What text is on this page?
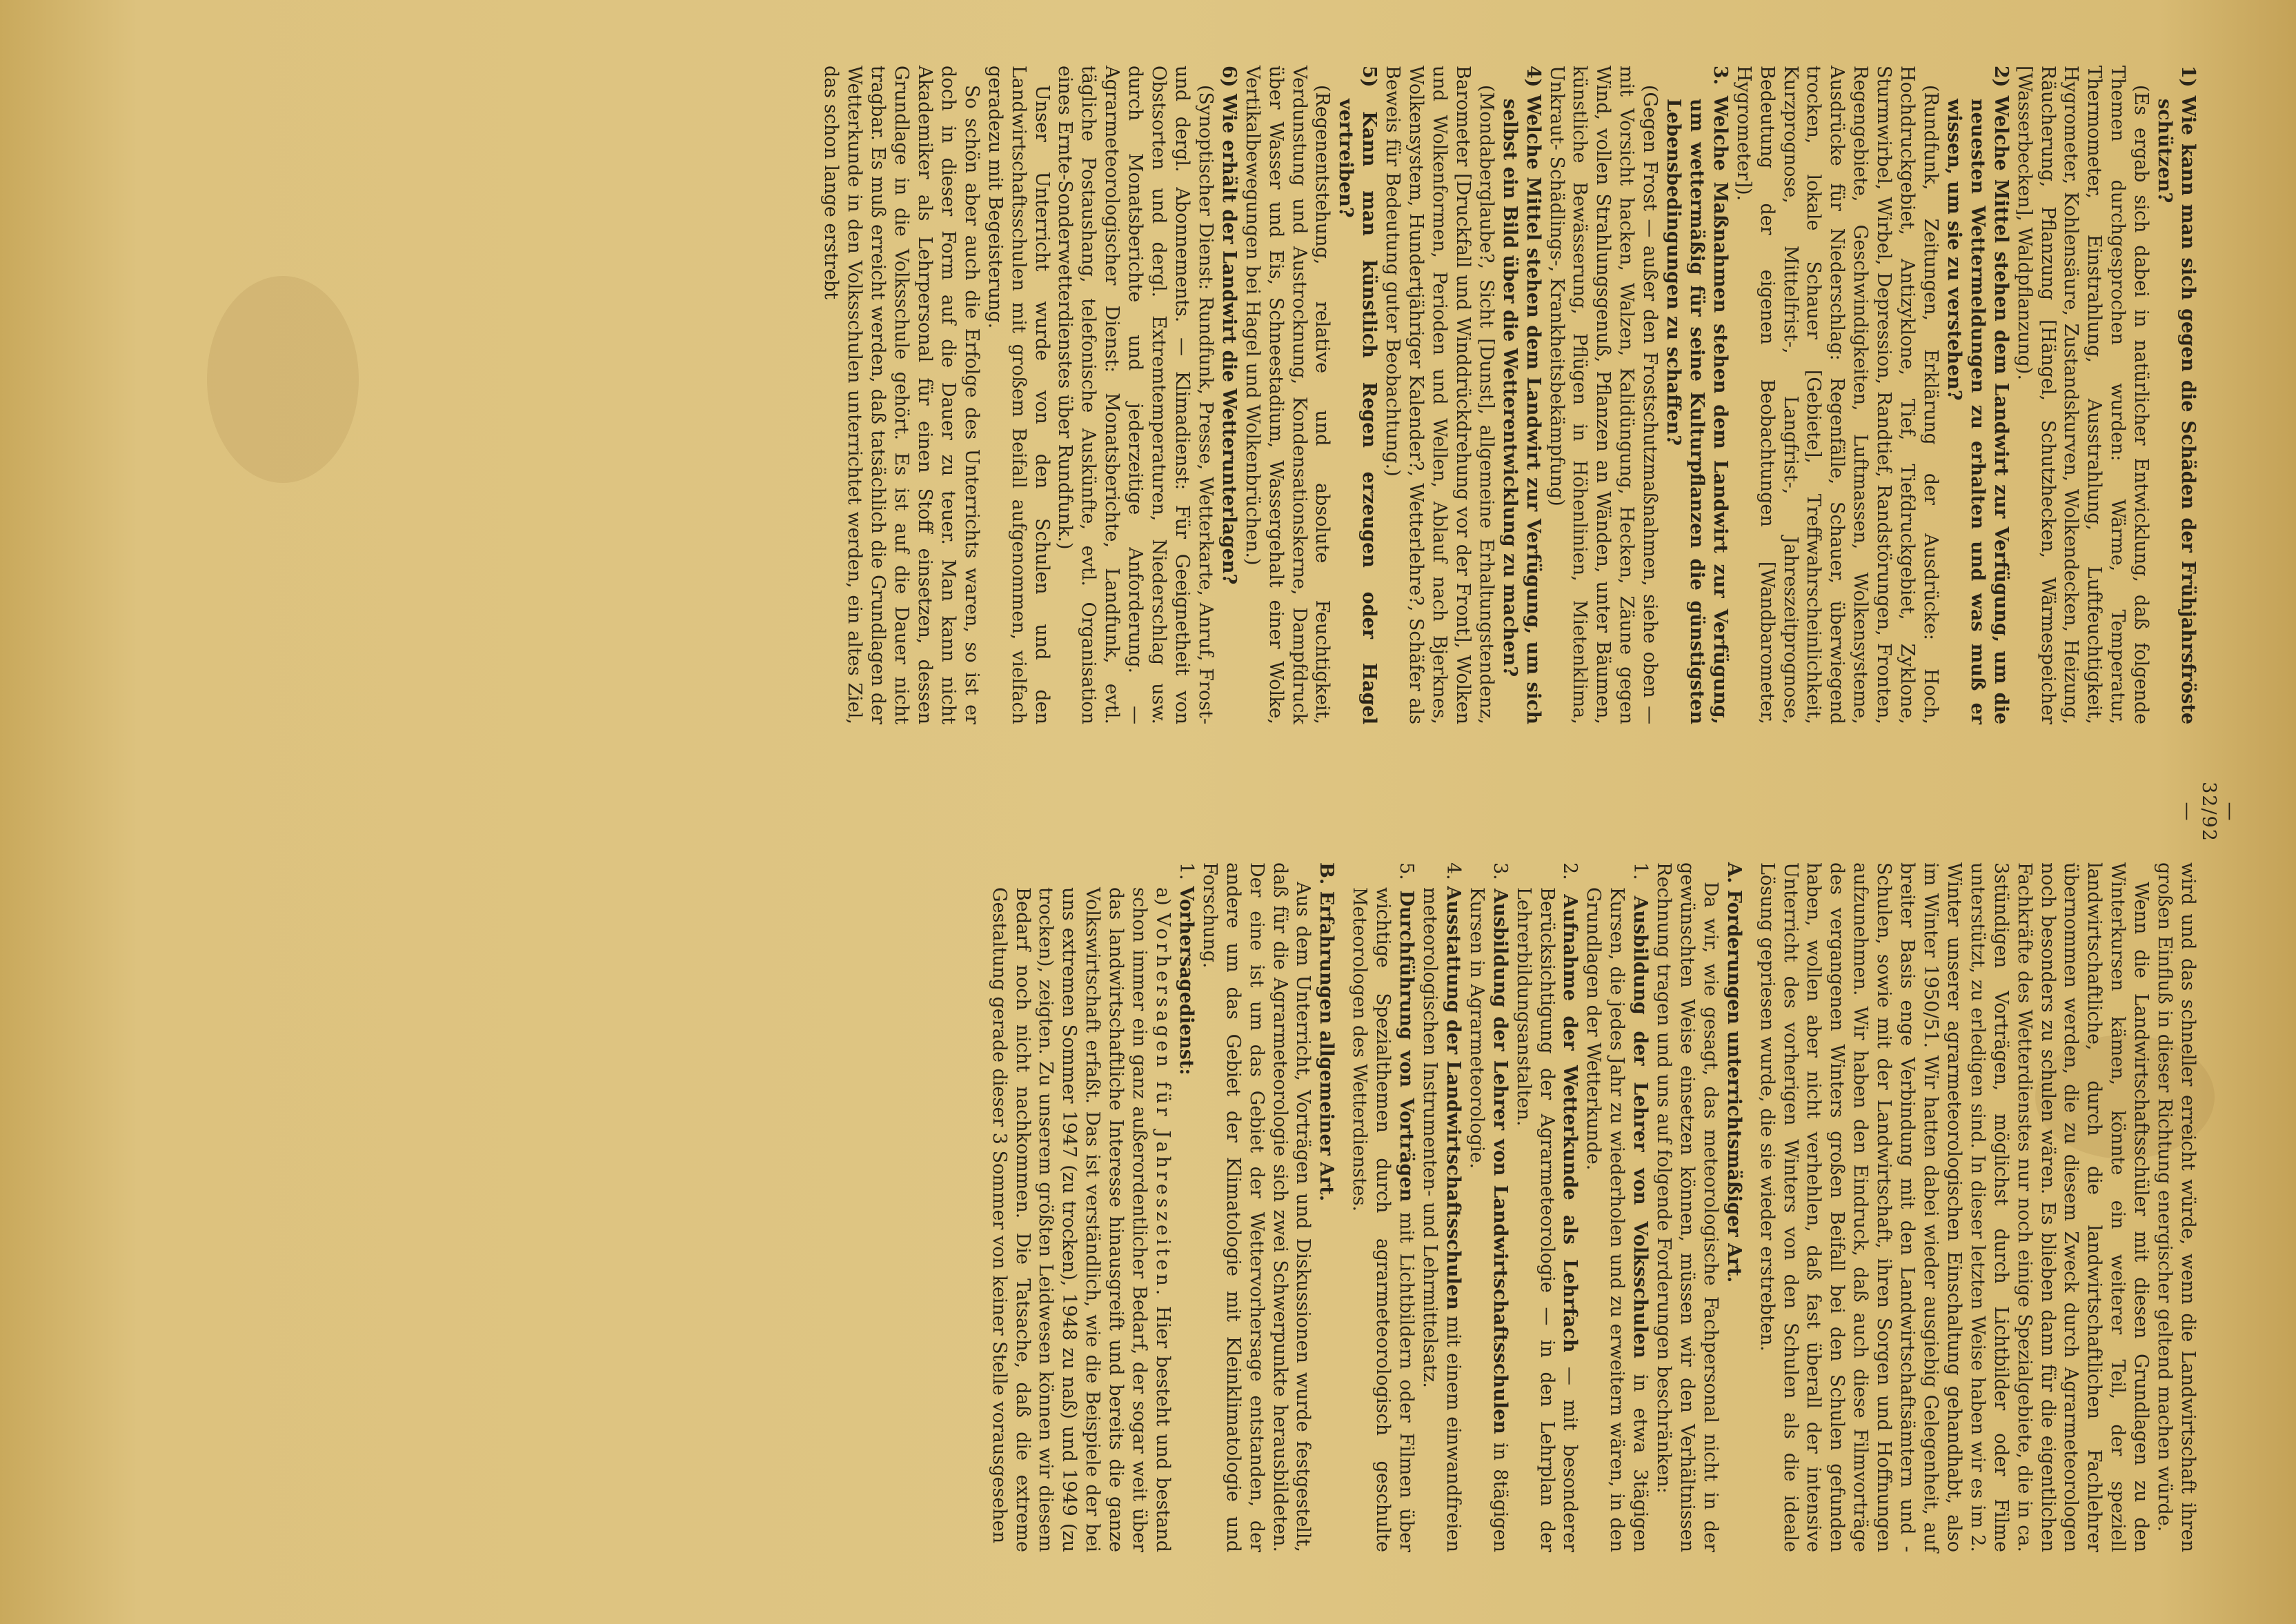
— 32/92 —

1) Wie kann man sich gegen die Schäden der Frühjahrsfröste schützen?

(Es ergab sich dabei in natürlicher Entwicklung, daß folgende Themen durchgesprochen wurden: Wärme, Temperatur, Thermometer, Einstrahlung, Ausstrahlung, Luftfeuchtigkeit, Hygrometer, Kohlensäure, Zustandskurven, Wolkendecken, Heizung, Räucherung, Pflanzung [Hängel, Schutzhecken, Wärmespeicher [Wasserbecken], Waldpflanzung).

2) Welche Mittel stehen dem Landwirt zur Verfügung, um die neuesten Wettermeldungen zu erhalten und was muß er wissen, um sie zu verstehen?

(Rundfunk, Zeitungen, Erklärung der Ausdrücke: Hoch, Hochdruckgebiet, Antizyklone, Tief, Tiefdruckgebiet, Zyklone, Sturmwirbel, Wirbel, Depression, Randtief, Randstörungen, Fronten, Regengebiete, Geschwindigkeiten, Luftmassen, Wolkensysteme, Ausdrücke für Niederschlag: Regenfälle, Schauer, überwiegend trocken, lokale Schauer [Gebiete], Treffwahrscheinlichkeit, Kurzprognose, Mittelfrist-, Langfrist-, Jahreszeitprognose, Bedeutung der eigenen Beobachtungen [Wandbarometer, Hygrometer]).

3. Welche Maßnahmen stehen dem Landwirt zur Verfügung, um wettermäßig für seine Kulturpflanzen die günstigsten Lebensbedingungen zu schaffen?

(Gegen Frost — außer den Frostschutzmaßnahmen, siehe oben — mit Vorsicht hacken, Walzen, Kalidüngung, Hecken, Zäune gegen Wind, vollen Strahlungsgenuß, Pflanzen an Wänden, unter Bäumen, künstliche Bewässerung, Pflügen in Höhenlinien, Mietenklima, Unkraut- Schädlings-, Krankheitsbekämpfung)

4) Welche Mittel stehen dem Landwirt zur Verfügung, um sich selbst ein Bild über die Wetterentwicklung zu machen?

(Mondaberglaube?, Sicht [Dunst], allgemeine Erhaltungstendenz, Barometer [Druckfall und Winddrückdrehung vor der Front], Wolken und Wolkenformen, Perioden und Wellen, Ablauf nach Bjerknes, Wolkensystem, Hundertjähriger Kalender?, Wetterlehre?, Schäfer als Beweis für Bedeutung guter Beobachtung.)

5) Kann man künstlich Regen erzeugen oder Hagel vertreiben?

(Regenentstehung, relative und absolute Feuchtigkeit, Verdunstung und Austrocknung, Kondensationskerne, Dampfdruck über Wasser und Eis, Schneestadium, Wassergehalt einer Wolke, Vertikalbewegungen bei Hagel und Wolkenbrüchen.)

6) Wie erhält der Landwirt die Wetterunterlagen?

(Synoptischer Dienst: Rundfunk, Presse, Wetterkarte, Anruf, Frost- und dergl. Abonnements. — Klimadienst: Für Geeignetheit von Obstsorten und dergl. Extremtemperaturen, Niederschlag usw. durch Monatsberichte und jederzeitige Anforderung. — Agrarmeteorologischer Dienst: Monatsberichte, Landfunk, evtl. tägliche Postaushang, telefonische Auskünfte, evtl. Organisation eines Ernte-Sonderwetterdienstes über Rundfunk.)

Unser Unterricht wurde von den Schulen und den Landwirtschaftsschulen mit großem Beifall aufgenommen, vielfach geradezu mit Begeisterung.

So schön aber auch die Erfolge des Unterrichts waren, so ist er doch in dieser Form auf die Dauer zu teuer. Man kann nicht Akademiker als Lehrpersonal für einen Stoff einsetzen, dessen Grundlage in die Volksschule gehört. Es ist auf die Dauer nicht tragbar. Es muß erreicht werden, daß tatsächlich die Grundlagen der Wetterkunde in den Volksschulen unterrichtet werden, ein altes Ziel, das schon lange erstrebt

wird und das schneller erreicht würde, wenn die Landwirtschaft ihren großen Einfluß in dieser Richtung energischer geltend machen würde.

Wenn die Landwirtschaftsschüler mit diesen Grundlagen zu den Winterkursen kämen, könnte ein weiterer Teil, der speziell landwirtschaftliche, durch die landwirtschaftlichen Fachlehrer übernommen werden, die zu diesem Zweck durch Agrarmeteorologen noch besonders zu schulen wären. Es blieben dann für die eigentlichen Fachkräfte des Wetterdienstes nur noch einige Spezialgebiete, die in ca. 3stündigen Vorträgen, möglichst durch Lichtbilder oder Filme unterstützt, zu erledigen sind. In dieser letzten Weise haben wir es im 2. Winter unserer agrarmeteorologischen Einschaltung gehandhabt, also im Winter 1950/51. Wir hatten dabei wieder ausgiebig Gelegenheit, auf breiter Basis enge Verbindung mit den Landwirtschaftsämtern und -Schulen, sowie mit der Landwirtschaft, ihren Sorgen und Hoffnungen aufzunehmen. Wir haben den Eindruck, daß auch diese Filmvorträge des vergangenen Winters großen Beifall bei den Schulen gefunden haben, wollen aber nicht verhehlen, daß fast überall der intensive Unterricht des vorherigen Winters von den Schulen als die ideale Lösung gepriesen wurde, die sie wieder erstrebten.

A. Forderungen unterrichtsmäßiger Art.

Da wir, wie gesagt, das meteorologische Fachpersonal nicht in der gewünschten Weise einsetzen können, müssen wir den Verhältnissen Rechnung tragen und uns auf folgende Forderungen beschränken:

1. Ausbildung der Lehrer von Volksschulen in etwa 3tägigen Kursen, die jedes Jahr zu wiederholen und zu erweitern wären, in den Grundlagen der Wetterkunde.

2. Aufnahme der Wetterkunde als Lehrfach — mit besonderer Berücksichtigung der Agrarmeteorologie — in den Lehrplan der Lehrerbildungsanstalten.

3. Ausbildung der Lehrer von Landwirtschaftsschulen in 8tägigen Kursen in Agrarmeteorologie.

4. Ausstattung der Landwirtschaftsschulen mit einem einwandfreien meteorologischen Instrumenten- und Lehrmittelsatz.

5. Durchführung von Vorträgen mit Lichtbildern oder Filmen über wichtige Spezialthemen durch agrarmeteorologisch geschulte Meteorologen des Wetterdienstes.

B. Erfahrungen allgemeiner Art.

Aus dem Unterricht, Vorträgen und Diskussionen wurde festgestellt, daß für die Agrarmeteorologie sich zwei Schwerpunkte herausbildeten. Der eine ist um das Gebiet der Wettervorhersage entstanden, der andere um das Gebiet der Klimatologie mit Kleinklimatologie und Forschung.

1. Vorhersagedienst:

a) Vorhersagen für Jahreszeiten. Hier besteht und bestand schon immer ein ganz außerordentlicher Bedarf, der sogar weit über das landwirtschaftliche Interesse hinausgreift und bereits die ganze Volkswirtschaft erfaßt. Das ist verständlich, wie die Beispiele der bei uns extremen Sommer 1947 (zu trocken), 1948 zu naß) und 1949 (zu trocken), zeigten. Zu unserem größten Leidwesen können wir diesem Bedarf noch nicht nachkommen. Die Tatsache, daß die extreme Gestaltung gerade dieser 3 Sommer von keiner Stelle vorausgesehen
